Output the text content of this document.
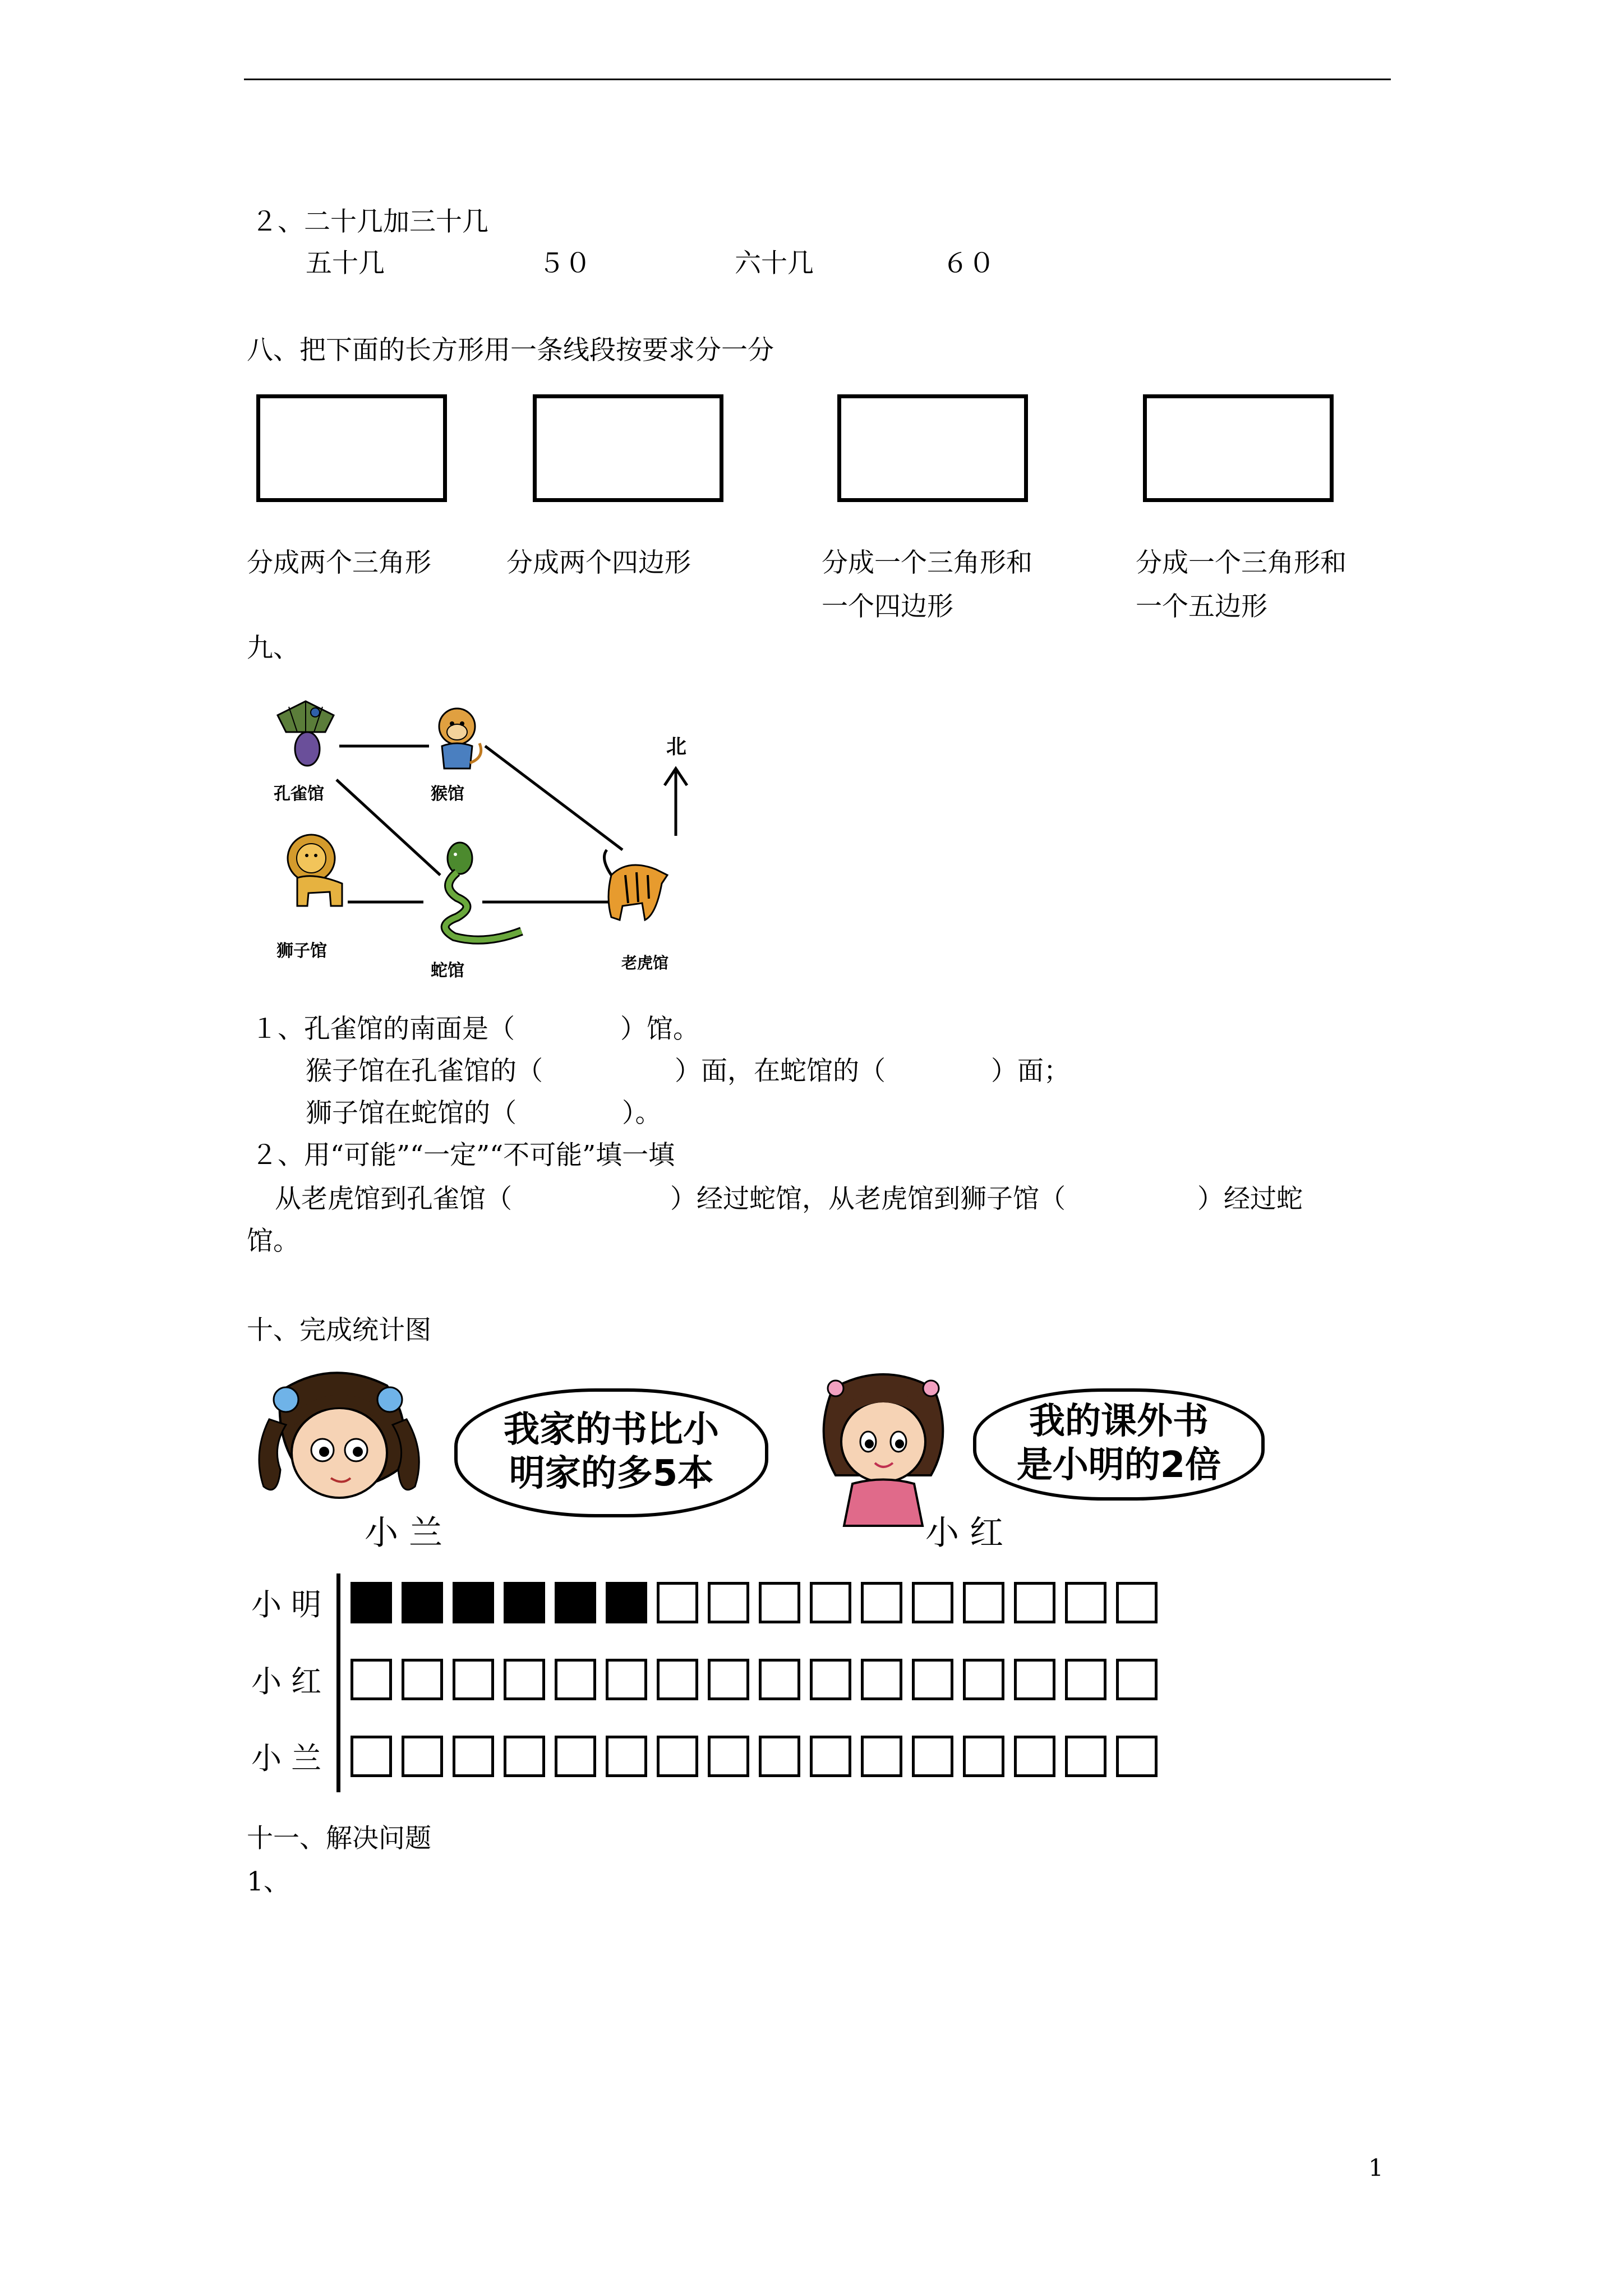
２、二十几加三十几
五十几	５０	六十几	６０
八、把下面的长方形用一条线段按要求分一分
分成两个三角形	分成两个四边形	分成一个三角形和
一个四边形
分成一个三角形和
一个五边形
九、
北
孔雀馆	猴馆
狮子馆
蛇馆	老虎馆
１、孔雀馆的南面是（　　　　）馆。
猴子馆在孔雀馆的（　　　　　）面，在蛇馆的（　　　　）面；
狮子馆在蛇馆的（　　　　）。
２、用“可能”“一定”“不可能”填一填
从老虎馆到孔雀馆（　　　　　　）经过蛇馆，从老虎馆到狮子馆（　　　　　）经过蛇
馆。
十、完成统计图
我家的书比小
明家的多5本
小 兰
我的课外书
是小明的2倍
小 红
小 明
小 红
小 兰
十一、解决问题
1、
1
